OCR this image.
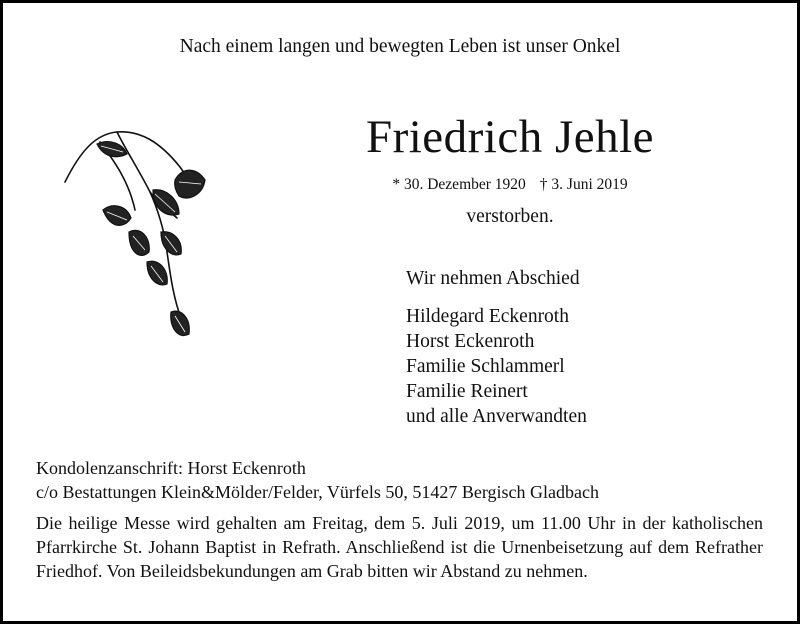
Nach einem langen und bewegten Leben ist unser Onkel
Friedrich Jehle
* 30. Dezember 1920 † 3. Juni 2019
verstorben.
Wir nehmen Abschied
Hildegard Eckenroth
Horst Eckenroth
Familie Schlammerl
Familie Reinert
und alle Anverwandten
Kondolenzanschrift: Horst Eckenroth
c/o Bestattungen Klein&Mölder/Felder, Vürfels 50, 51427 Bergisch Gladbach
Die heilige Messe wird gehalten am Freitag, dem 5. Juli 2019, um 11.00 Uhr in der katholischen Pfarrkirche St. Johann Baptist in Refrath. Anschließend ist die Urnenbeisetzung auf dem Refrather Friedhof. Von Beileidsbekundungen am Grab bitten wir Abstand zu nehmen.
